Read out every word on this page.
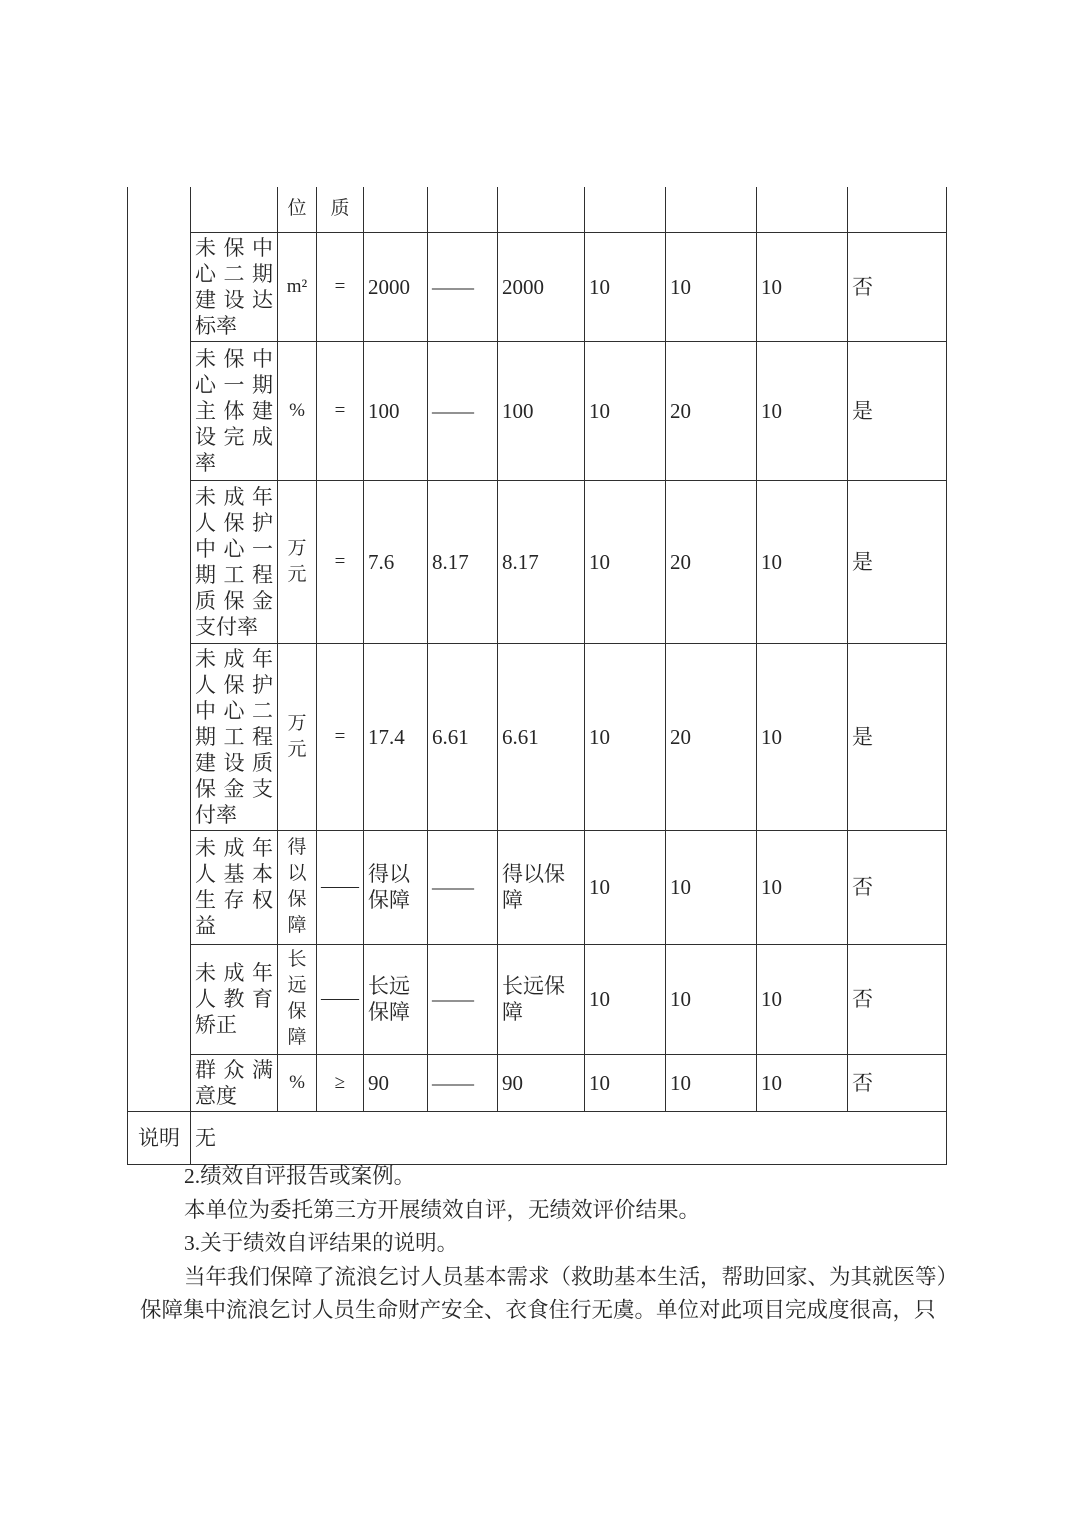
		位	质							
	未保中心二期建设达标率	m²	=	2000	——	2000	10	10	10	否
	未保中心一期主体建设完成率	%	=	100	——	100	10	20	10	是
	未成年人保护中心一期工程质保金支付率	万元	=	7.6	8.17	8.17	10	20	10	是
	未成年人保护中心二期工程建设质保金支付率	万元	=	17.4	6.61	6.61	10	20	10	是
	未成年人基本生存权益	得以保障	——	得以保障	——	得以保障	10	10	10	否
	未成年人教育矫正	长远保障	——	长远保障	——	长远保障	10	10	10	否
	群众满意度	%	≥	90	——	90	10	10	10	否
说明	无									

2.绩效自评报告或案例。

本单位为委托第三方开展绩效自评，无绩效评价结果。

3.关于绩效自评结果的说明。

当年我们保障了流浪乞讨人员基本需求（救助基本生活，帮助回家、为其就医等）

保障集中流浪乞讨人员生命财产安全、衣食住行无虞。单位对此项目完成度很高，只
